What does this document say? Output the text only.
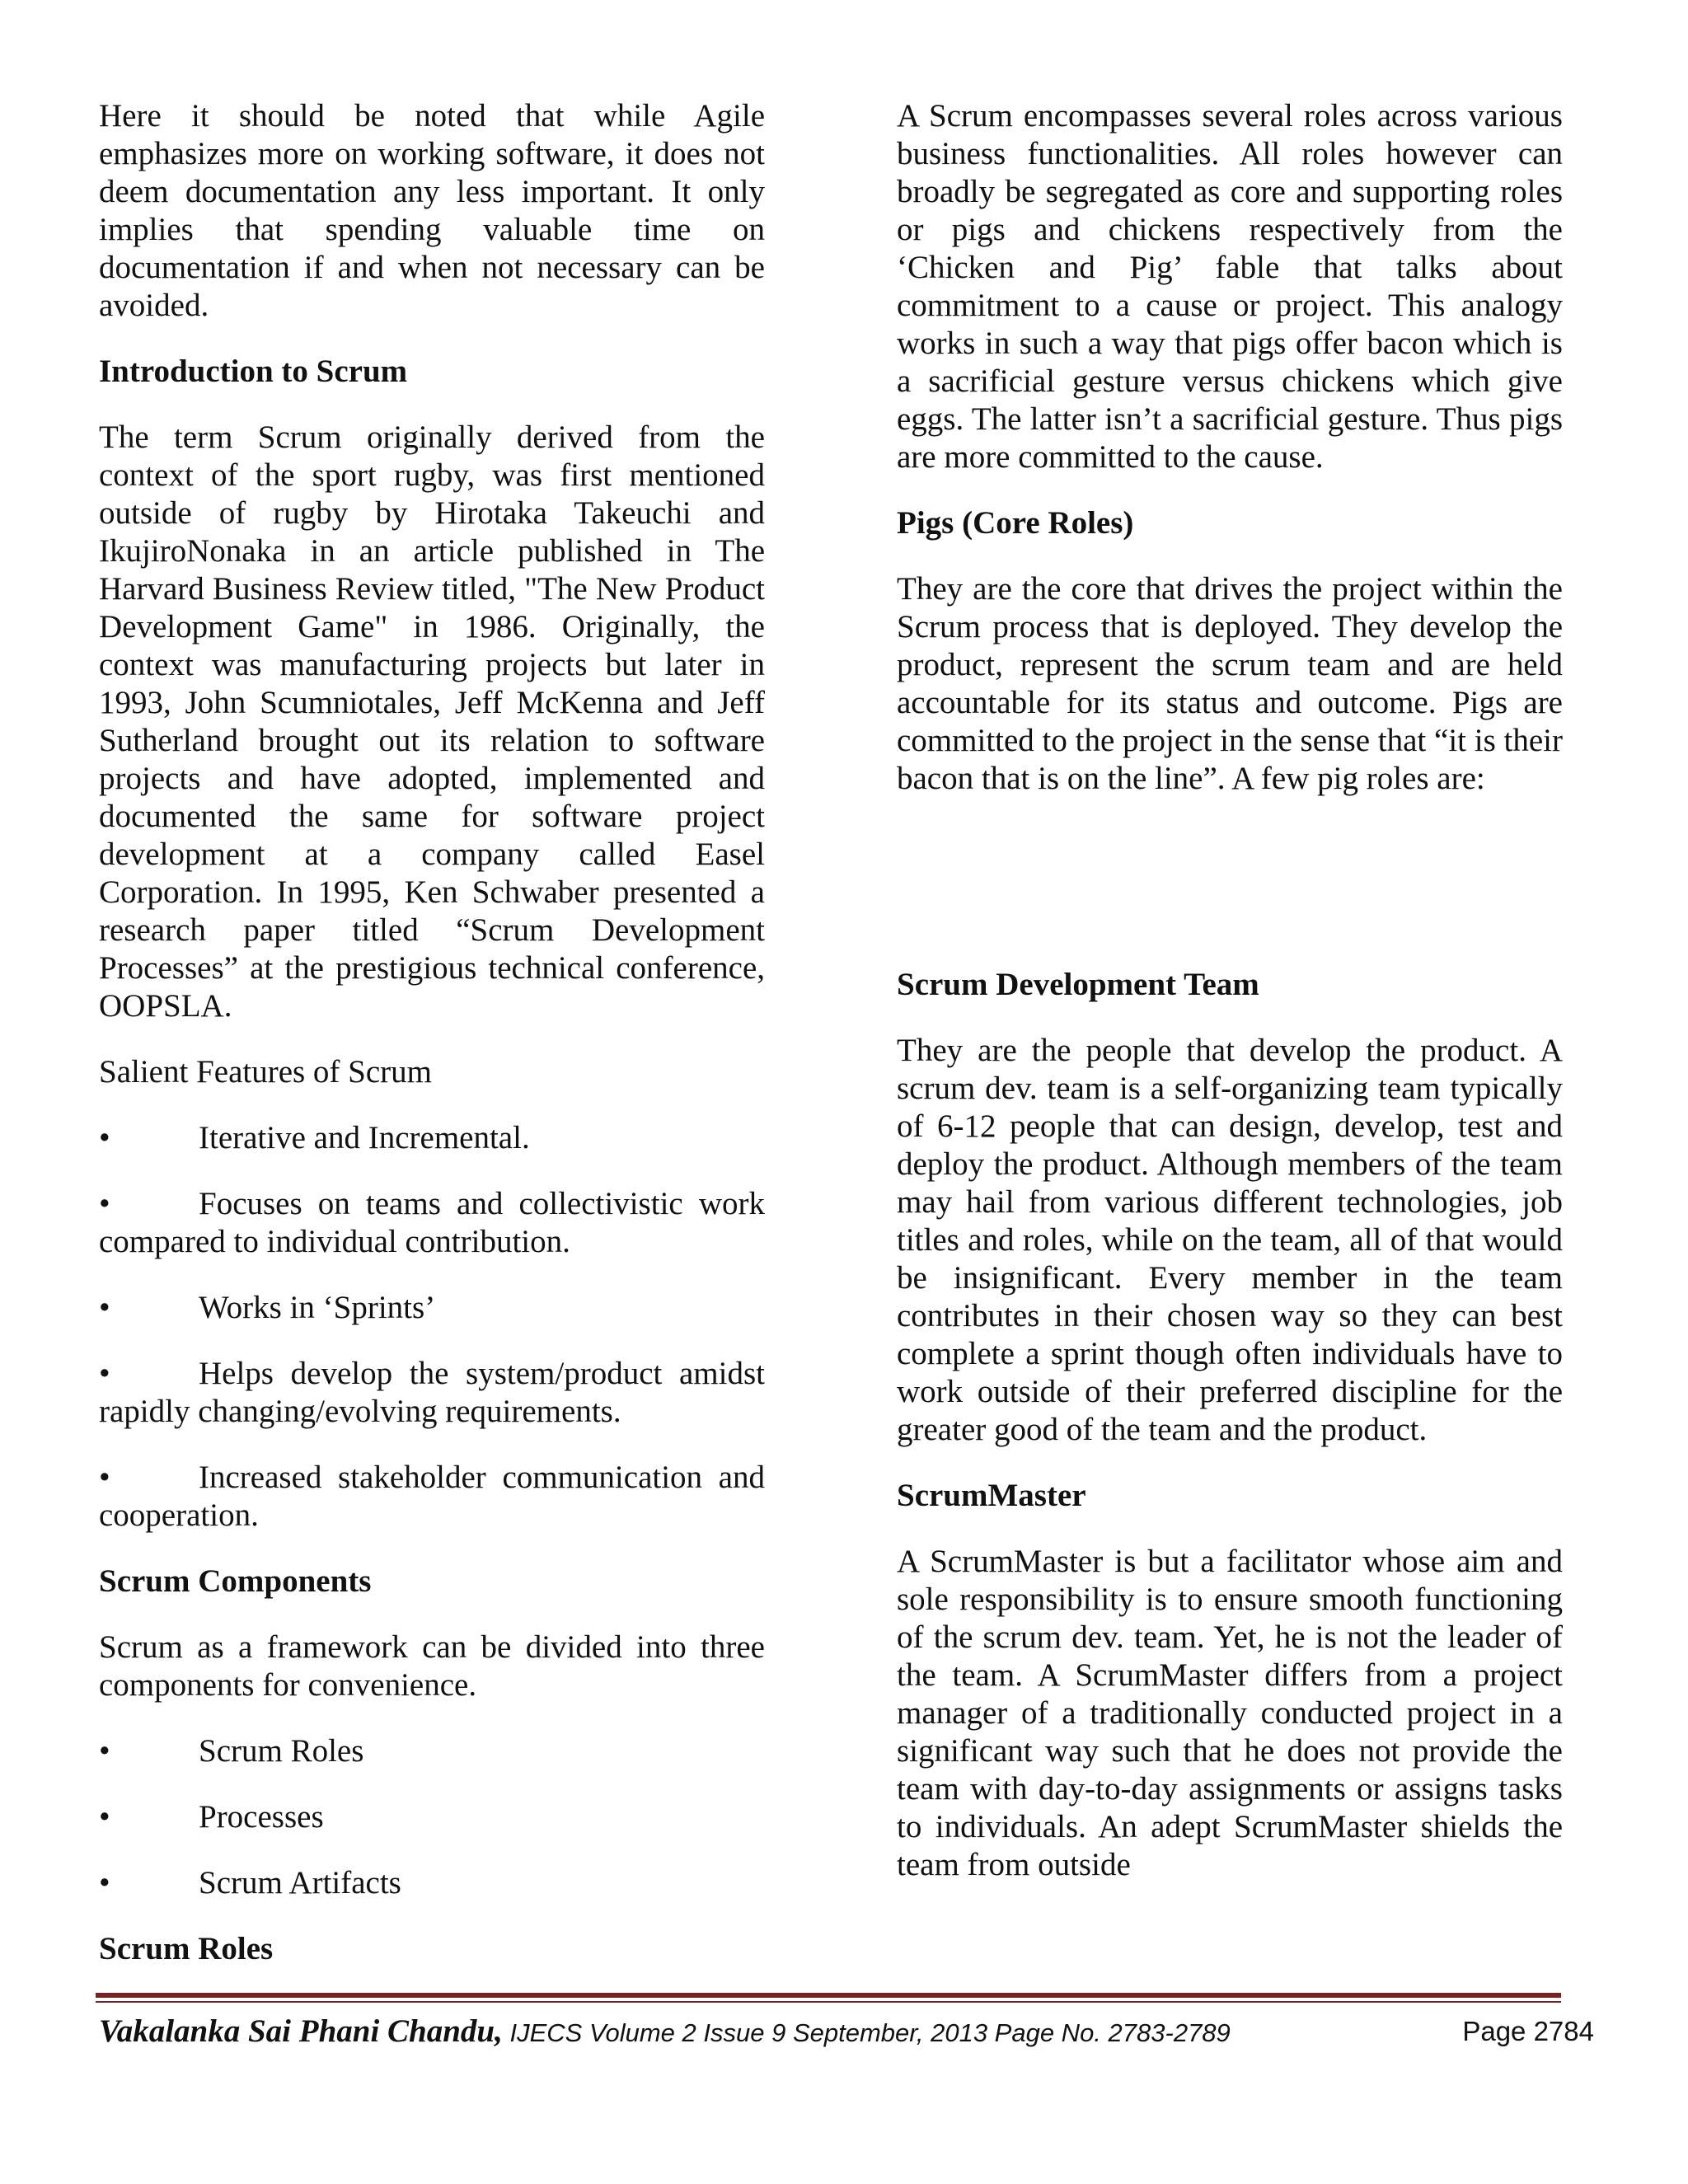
Here it should be noted that while Agile emphasizes more on working software, it does not deem documentation any less important. It only implies that spending valuable time on documentation if and when not necessary can be avoided.

Introduction to Scrum

The term Scrum originally derived from the context of the sport rugby, was first mentioned outside of rugby by Hirotaka Takeuchi and IkujiroNonaka in an article published in The Harvard Business Review titled, "The New Product Development Game" in 1986. Originally, the context was manufacturing projects but later in 1993, John Scumniotales, Jeff McKenna and Jeff Sutherland brought out its relation to software projects and have adopted, implemented and documented the same for software project development at a company called Easel Corporation. In 1995, Ken Schwaber presented a research paper titled “Scrum Development Processes” at the prestigious technical conference, OOPSLA.

Salient Features of Scrum

•	Iterative and Incremental.

•	Focuses on teams and collectivistic work compared to individual contribution.

•	Works in ‘Sprints’

•	Helps develop the system/product amidst rapidly changing/evolving requirements.

•	Increased stakeholder communication and cooperation.

Scrum Components

Scrum as a framework can be divided into three components for convenience.

•	Scrum Roles

•	Processes

•	Scrum Artifacts

Scrum Roles

A Scrum encompasses several roles across various business functionalities. All roles however can broadly be segregated as core and supporting roles or pigs and chickens respectively from the ‘Chicken and Pig’ fable that talks about commitment to a cause or project. This analogy works in such a way that pigs offer bacon which is a sacrificial gesture versus chickens which give eggs. The latter isn’t a sacrificial gesture. Thus pigs are more committed to the cause.

Pigs (Core Roles)

They are the core that drives the project within the Scrum process that is deployed. They develop the product, represent the scrum team and are held accountable for its status and outcome. Pigs are committed to the project in the sense that “it is their bacon that is on the line”. A few pig roles are:

Scrum Development Team

They are the people that develop the product. A scrum dev. team is a self-organizing team typically of 6-12 people that can design, develop, test and deploy the product. Although members of the team may hail from various different technologies, job titles and roles, while on the team, all of that would be insignificant. Every member in the team contributes in their chosen way so they can best complete a sprint though often individuals have to work outside of their preferred discipline for the greater good of the team and the product.

ScrumMaster

A ScrumMaster is but a facilitator whose aim and sole responsibility is to ensure smooth functioning of the scrum dev. team. Yet, he is not the leader of the team. A ScrumMaster differs from a project manager of a traditionally conducted project in a significant way such that he does not provide the team with day-to-day assignments or assigns tasks to individuals. An adept ScrumMaster shields the team from outside

Vakalanka Sai Phani Chandu, IJECS Volume 2 Issue 9 September, 2013 Page No. 2783-2789	Page 2784
